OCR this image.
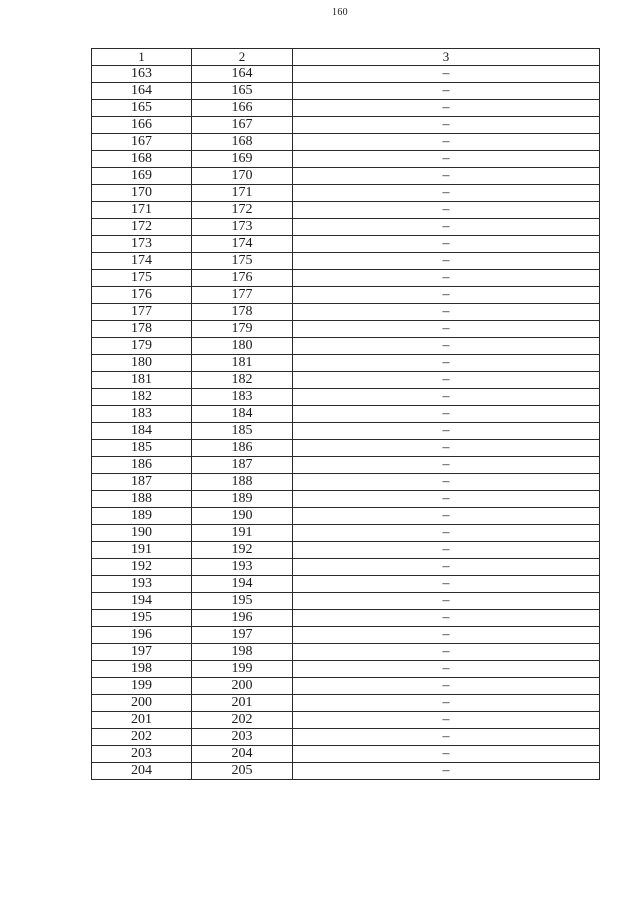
160
1	2	3
163	164	–
164	165	–
165	166	–
166	167	–
167	168	–
168	169	–
169	170	–
170	171	–
171	172	–
172	173	–
173	174	–
174	175	–
175	176	–
176	177	–
177	178	–
178	179	–
179	180	–
180	181	–
181	182	–
182	183	–
183	184	–
184	185	–
185	186	–
186	187	–
187	188	–
188	189	–
189	190	–
190	191	–
191	192	–
192	193	–
193	194	–
194	195	–
195	196	–
196	197	–
197	198	–
198	199	–
199	200	–
200	201	–
201	202	–
202	203	–
203	204	–
204	205	–
